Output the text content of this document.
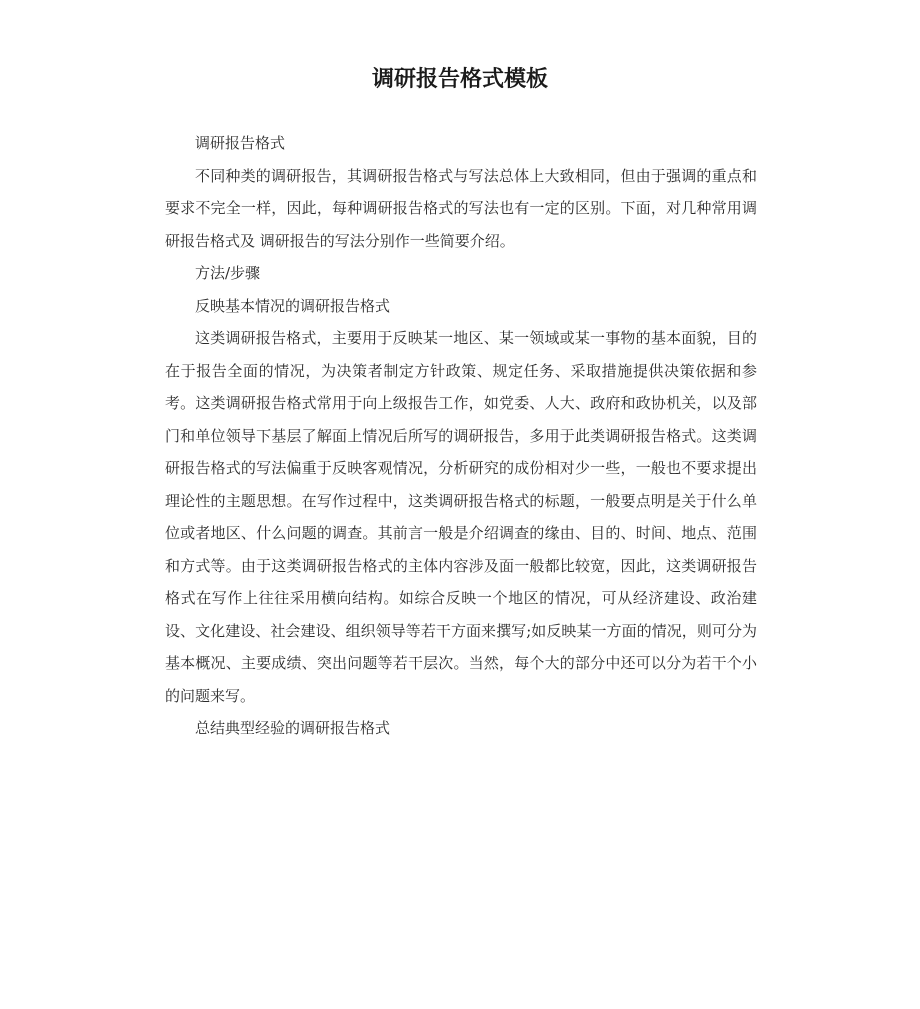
调研报告格式模板

调研报告格式

不同种类的调研报告，其调研报告格式与写法总体上大致相同，但由于强调的重点和要求不完全一样，因此，每种调研报告格式的写法也有一定的区别。下面，对几种常用调研报告格式及 调研报告的写法分别作一些简要介绍。

方法/步骤

反映基本情况的调研报告格式

这类调研报告格式，主要用于反映某一地区、某一领域或某一事物的基本面貌，目的在于报告全面的情况，为决策者制定方针政策、规定任务、采取措施提供决策依据和参考。这类调研报告格式常用于向上级报告工作，如党委、人大、政府和政协机关，以及部门和单位领导下基层了解面上情况后所写的调研报告，多用于此类调研报告格式。这类调研报告格式的写法偏重于反映客观情况，分析研究的成份相对少一些，一般也不要求提出理论性的主题思想。在写作过程中，这类调研报告格式的标题，一般要点明是关于什么单位或者地区、什么问题的调查。其前言一般是介绍调查的缘由、目的、时间、地点、范围和方式等。由于这类调研报告格式的主体内容涉及面一般都比较宽，因此，这类调研报告格式在写作上往往采用横向结构。如综合反映一个地区的情况，可从经济建设、政治建设、文化建设、社会建设、组织领导等若干方面来撰写;如反映某一方面的情况，则可分为基本概况、主要成绩、突出问题等若干层次。当然，每个大的部分中还可以分为若干个小的问题来写。

总结典型经验的调研报告格式
